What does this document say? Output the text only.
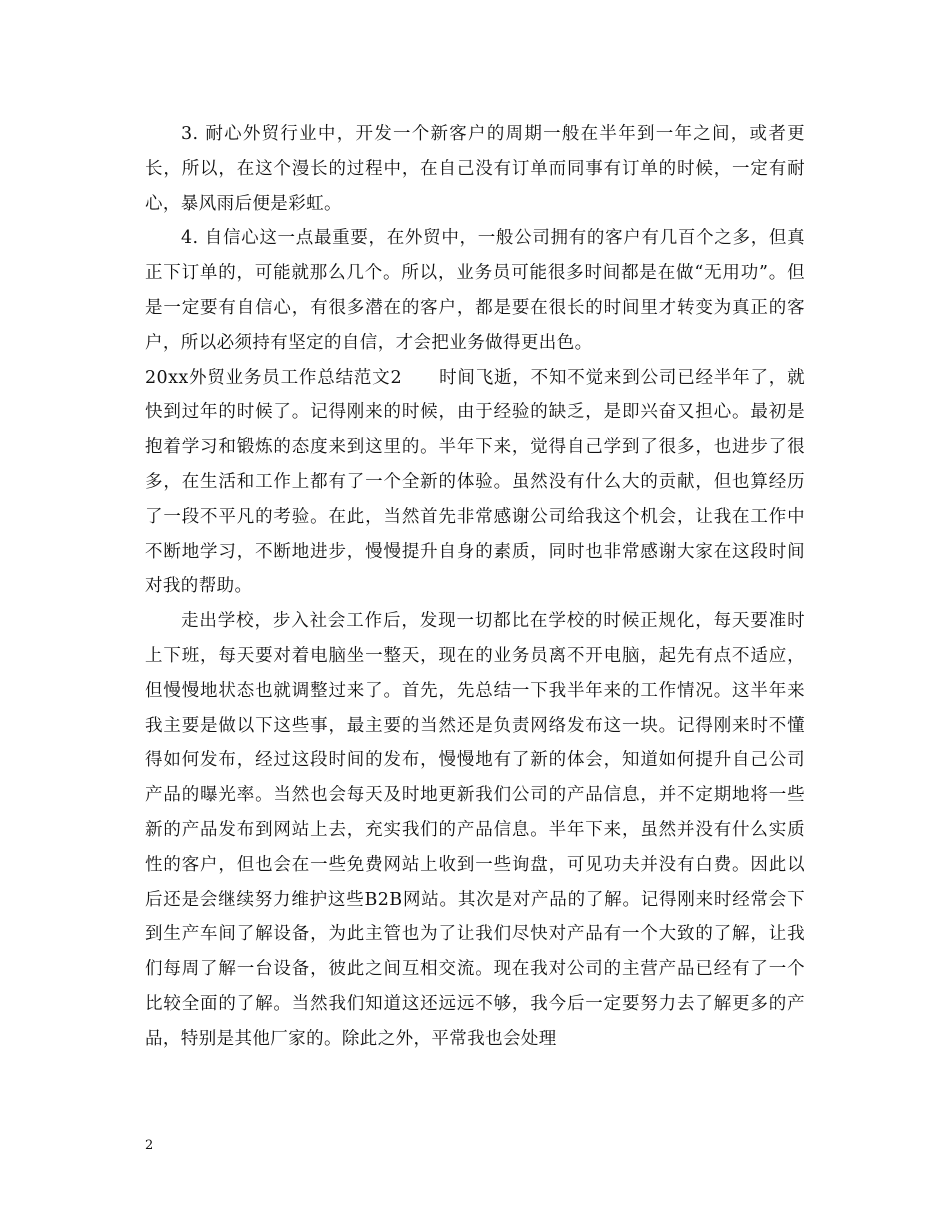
3. 耐心外贸行业中，开发一个新客户的周期一般在半年到一年之间，或者更长，所以，在这个漫长的过程中，在自己没有订单而同事有订单的时候，一定有耐心，暴风雨后便是彩虹。

4. 自信心这一点最重要，在外贸中，一般公司拥有的客户有几百个之多，但真正下订单的，可能就那么几个。所以，业务员可能很多时间都是在做“无用功”。但是一定要有自信心，有很多潜在的客户，都是要在很长的时间里才转变为真正的客户，所以必须持有坚定的自信，才会把业务做得更出色。

20xx外贸业务员工作总结范文2　　时间飞逝，不知不觉来到公司已经半年了，就快到过年的时候了。记得刚来的时候，由于经验的缺乏，是即兴奋又担心。最初是抱着学习和锻炼的态度来到这里的。半年下来，觉得自己学到了很多，也进步了很多，在生活和工作上都有了一个全新的体验。虽然没有什么大的贡献，但也算经历了一段不平凡的考验。在此，当然首先非常感谢公司给我这个机会，让我在工作中不断地学习，不断地进步，慢慢提升自身的素质，同时也非常感谢大家在这段时间对我的帮助。

走出学校，步入社会工作后，发现一切都比在学校的时候正规化，每天要准时上下班，每天要对着电脑坐一整天，现在的业务员离不开电脑，起先有点不适应，但慢慢地状态也就调整过来了。首先，先总结一下我半年来的工作情况。这半年来我主要是做以下这些事，最主要的当然还是负责网络发布这一块。记得刚来时不懂得如何发布，经过这段时间的发布，慢慢地有了新的体会，知道如何提升自己公司产品的曝光率。当然也会每天及时地更新我们公司的产品信息，并不定期地将一些新的产品发布到网站上去，充实我们的产品信息。半年下来，虽然并没有什么实质性的客户，但也会在一些免费网站上收到一些询盘，可见功夫并没有白费。因此以后还是会继续努力维护这些B2B网站。其次是对产品的了解。记得刚来时经常会下到生产车间了解设备，为此主管也为了让我们尽快对产品有一个大致的了解，让我们每周了解一台设备，彼此之间互相交流。现在我对公司的主营产品已经有了一个比较全面的了解。当然我们知道这还远远不够，我今后一定要努力去了解更多的产品，特别是其他厂家的。除此之外，平常我也会处理

2
